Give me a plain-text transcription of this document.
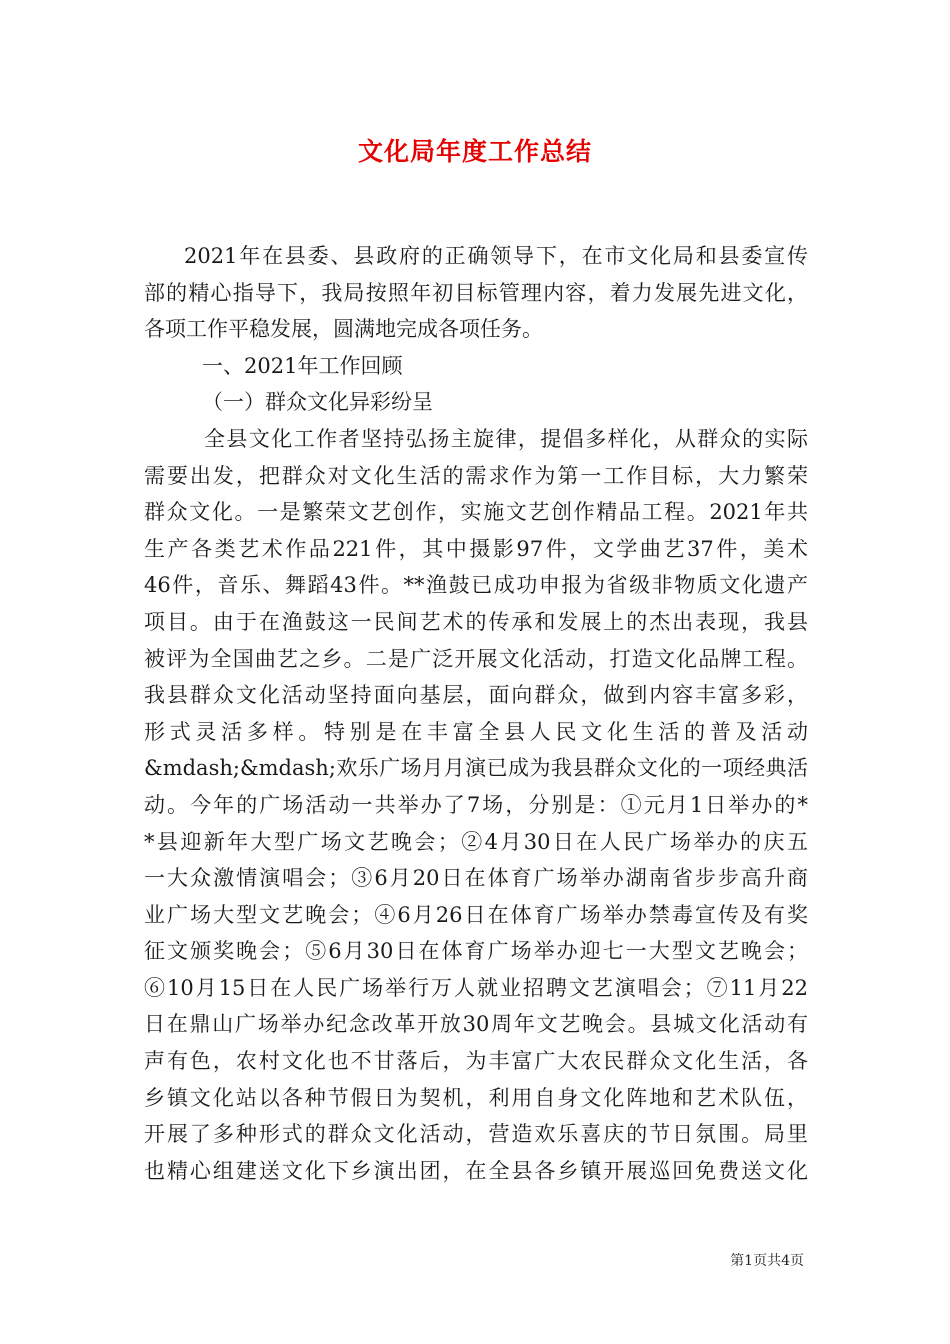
文化局年度工作总结

2021年在县委、县政府的正确领导下，在市文化局和县委宣传

部的精心指导下，我局按照年初目标管理内容，着力发展先进文化，

各项工作平稳发展，圆满地完成各项任务。

一、2021年工作回顾

（一）群众文化异彩纷呈

全县文化工作者坚持弘扬主旋律，提倡多样化，从群众的实际

需要出发，把群众对文化生活的需求作为第一工作目标，大力繁荣

群众文化。一是繁荣文艺创作，实施文艺创作精品工程。2021年共

生产各类艺术作品221件，其中摄影97件，文学曲艺37件，美术

46件，音乐、舞蹈43件。**渔鼓已成功申报为省级非物质文化遗产

项目。由于在渔鼓这一民间艺术的传承和发展上的杰出表现，我县

被评为全国曲艺之乡。二是广泛开展文化活动，打造文化品牌工程。

我县群众文化活动坚持面向基层，面向群众，做到内容丰富多彩，

形式灵活多样。特别是在丰富全县人民文化生活的普及活动

&mdash;&mdash;欢乐广场月月演已成为我县群众文化的一项经典活

动。今年的广场活动一共举办了7场，分别是：①元月1日举办的*

*县迎新年大型广场文艺晚会；②4月30日在人民广场举办的庆五

一大众激情演唱会；③6月20日在体育广场举办湖南省步步高升商

业广场大型文艺晚会；④6月26日在体育广场举办禁毒宣传及有奖

征文颁奖晚会；⑤6月30日在体育广场举办迎七一大型文艺晚会；

⑥10月15日在人民广场举行万人就业招聘文艺演唱会；⑦11月22

日在鼎山广场举办纪念改革开放30周年文艺晚会。县城文化活动有

声有色，农村文化也不甘落后，为丰富广大农民群众文化生活，各

乡镇文化站以各种节假日为契机，利用自身文化阵地和艺术队伍，

开展了多种形式的群众文化活动，营造欢乐喜庆的节日氛围。局里

也精心组建送文化下乡演出团，在全县各乡镇开展巡回免费送文化

第1页共4页
